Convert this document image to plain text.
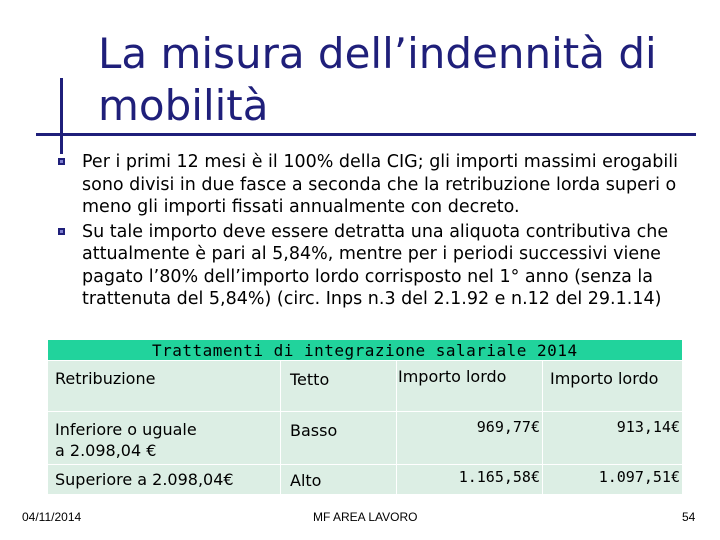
La misura dell’indennità di
mobilità
Per i primi 12 mesi è il 100% della CIG; gli importi massimi erogabili sono divisi in due fasce a seconda che la retribuzione lorda superi o meno gli importi fissati annualmente con decreto.
Su tale importo deve essere detratta una aliquota contributiva che attualmente è pari al 5,84%, mentre per i periodi successivi viene pagato l’80% dell’importo lordo corrisposto nel 1° anno (senza la trattenuta del 5,84%) (circ. Inps n.3 del 2.1.92 e n.12 del 29.1.14)
Trattamenti di integrazione salariale 2014
Retribuzione	Tetto	Importo lordo	Importo lordo
Inferiore o uguale
a 2.098,04 €
Basso	969,77€	913,14€
Superiore a 2.098,04€	Alto	1.165,58€	1.097,51€
04/11/2014	MF AREA LAVORO	54
